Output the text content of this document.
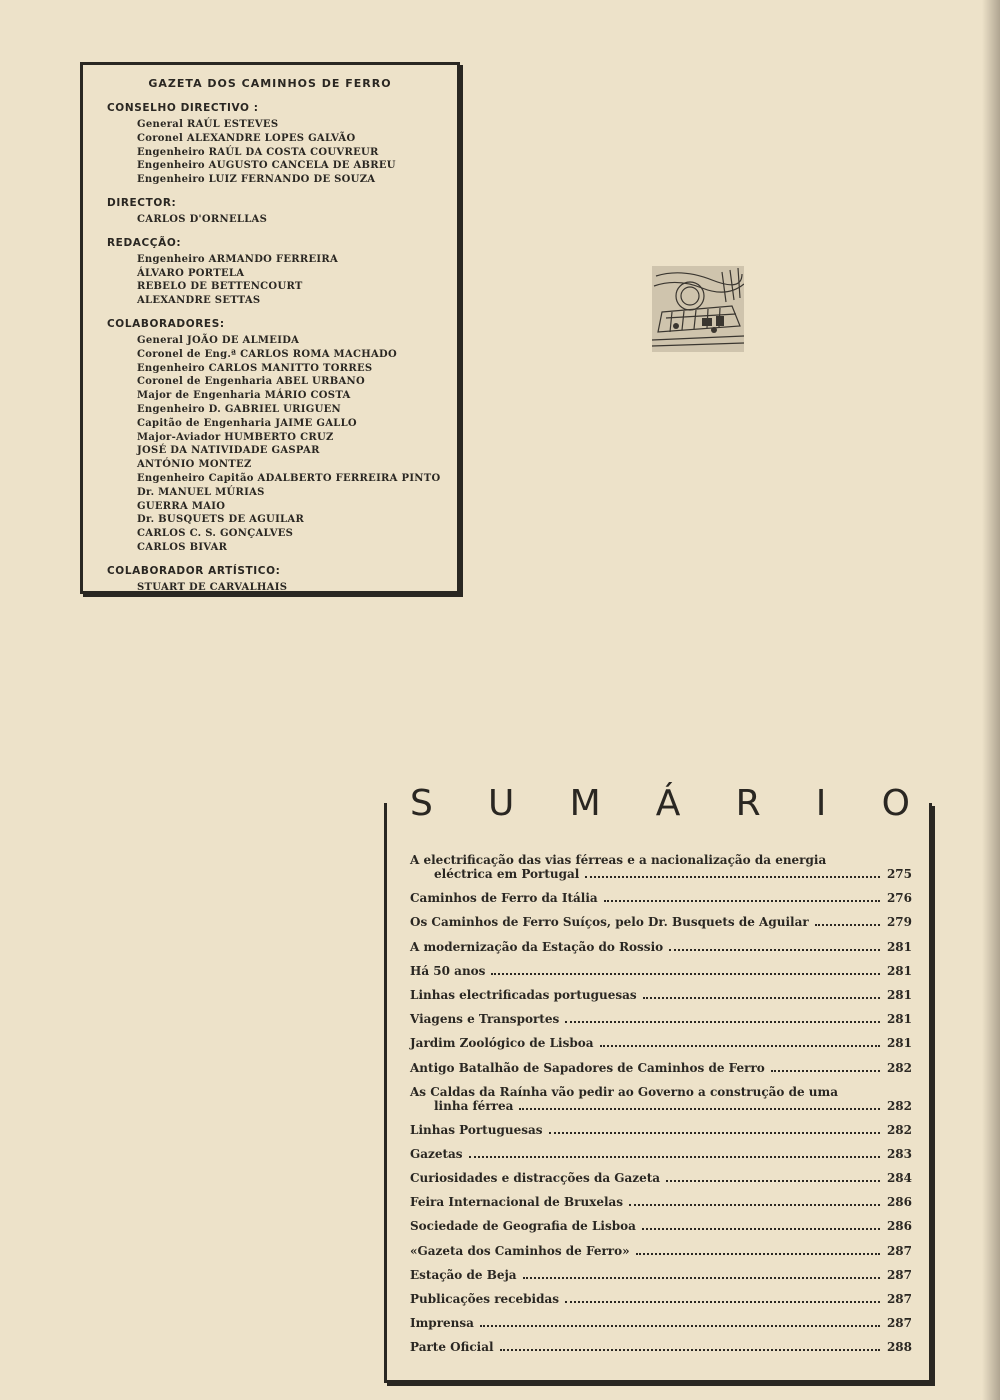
GAZETA DOS CAMINHOS DE FERRO
CONSELHO DIRECTIVO :
General RAÚL ESTEVES
Coronel ALEXANDRE LOPES GALVÃO
Engenheiro RAÚL DA COSTA COUVREUR
Engenheiro AUGUSTO CANCELA DE ABREU
Engenheiro LUIZ FERNANDO DE SOUZA
DIRECTOR:
CARLOS D'ORNELLAS
REDACÇÃO:
Engenheiro ARMANDO FERREIRA
ÁLVARO PORTELA
REBELO DE BETTENCOURT
ALEXANDRE SETTAS
COLABORADORES:
General JOÃO DE ALMEIDA
Coronel de Eng.ª CARLOS ROMA MACHADO
Engenheiro CARLOS MANITTO TORRES
Coronel de Engenharia ABEL URBANO
Major de Engenharia MÁRIO COSTA
Engenheiro D. GABRIEL URIGUEN
Capitão de Engenharia JAIME GALLO
Major-Aviador HUMBERTO CRUZ
JOSÉ DA NATIVIDADE GASPAR
ANTÓNIO MONTEZ
Engenheiro Capitão ADALBERTO FERREIRA PINTO
Dr. MANUEL MÚRIAS
GUERRA MAIO
Dr. BUSQUETS DE AGUILAR
CARLOS C. S. GONÇALVES
CARLOS BIVAR
COLABORADOR ARTÍSTICO:
STUART DE CARVALHAIS
S U M Á R I O
A electrificação das vias férreas e a nacionalização da energia
eléctrica em Portugal	275
Caminhos de Ferro da Itália	276
Os Caminhos de Ferro Suíços, pelo Dr. Busquets de Aguilar	279
A modernização da Estação do Rossio	281
Há 50 anos	281
Linhas electrificadas portuguesas	281
Viagens e Transportes	281
Jardim Zoológico de Lisboa	281
Antigo Batalhão de Sapadores de Caminhos de Ferro	282
As Caldas da Raínha vão pedir ao Governo a construção de uma
linha férrea	282
Linhas Portuguesas	282
Gazetas	283
Curiosidades e distracções da Gazeta	284
Feira Internacional de Bruxelas	286
Sociedade de Geografia de Lisboa	286
«Gazeta dos Caminhos de Ferro»	287
Estação de Beja	287
Publicações recebidas	287
Imprensa	287
Parte Oficial	288
